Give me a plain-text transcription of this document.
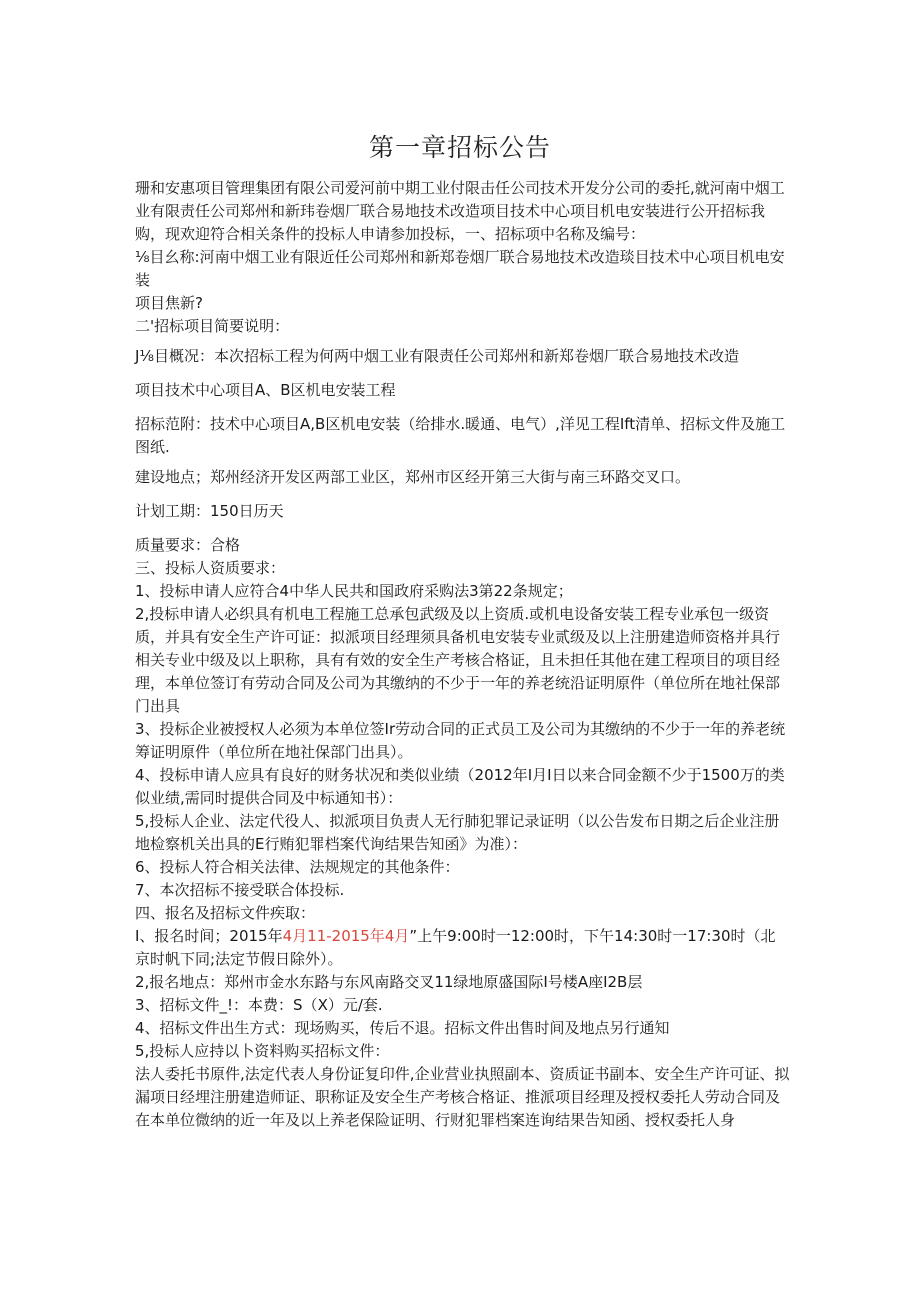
第一章招标公告

珊和安惠项目管理集团有限公司爱河前中期工业付限击任公司技术开发分公司的委托,就河南中烟工业有限责任公司郑州和新玮卷烟厂联合易地技术改造项目技术中心项目机电安装进行公开招标我购，现欢迎符合相关条件的投标人申请参加投标，一、招标项中名称及编号：

⅛目幺称:河南中烟工业有限近任公司郑州和新郑卷烟厂联合易地技术改造琰目技术中心项目机电安装

项目焦新?

二'招标项目简要说明：

J⅛目概况：本次招标工程为何两中烟工业有限责任公司郑州和新郑卷烟厂联合易地技术改造

项目技术中心项目A、B区机电安装工程

招标范附：技术中心项目A,B区机电安装（给排水.暖通、电气）,洋见工程Ift清单、招标文件及施工图纸.

建设地点；郑州经济开发区两部工业区，郑州市区经开第三大街与南三环路交叉口。

计划工期：150日历天

质量要求：合格

三、投标人资质要求：

1、投标申请人应符合4中华人民共和国政府采购法3第22条规定；

2,投标申请人必织具有机电工程施工总承包武级及以上资质.或机电设备安装工程专业承包一级资质，并具有安全生产许可证：拟派项目经理须具备机电安装专业贰级及以上注册建造师资格并具行相关专业中级及以上职称，具有有效的安全生产考核合格证，且未担任其他在建工程项目的项目经理，本单位签订有劳动合同及公司为其缴纳的不少于一年的养老统沿证明原件（单位所在地社保部门出具

3、投标企业被授权人必须为本单位签Ir劳动合同的正式员工及公司为其缴纳的不少于一年的养老统筹证明原件（单位所在地社保部门出具）。

4、投标申请人应具有良好的财务状况和类似业绩（2012年I月I日以来合同金额不少于1500万的类似业绩,需同时提供合同及中标通知书）：

5,投标人企业、法定代役人、拟派项目负责人无行肺犯罪记录证明（以公告发布日期之后企业注册地检察机关出具的E行贿犯罪档案代询结果告知函》为准）：

6、投标人符合相关法律、法规规定的其他条件：

7、本次招标不接受联合体投标.

四、报名及招标文件疾取：

I、报名时间；2015年4月11-2015年4月”上午9:00时一12:00时，下午14:30时一17:30时（北京时帆下同;法定节假日除外）。

2,报名地点：郑州市金水东路与东风南路交叉11绿地原盛国际I号楼A座I2B层

3、招标文件_!：本费：S（X）元/套.

4、招标文件出生方式：现场购买，传后不退。招标文件出售时间及地点另行通知

5,投标人应持以卜资料购买招标文件：

法人委托书原件,法定代表人身份证复印件,企业营业执照副本、资质证书副本、安全生产许可证、拟漏项日经埋注册建造师证、职称证及安全生产考核合格证、推派项目经理及授权委托人劳动合同及在本单位微纳的近一年及以上养老保险证明、行财犯罪档案连询结果告知函、授权委托人身
